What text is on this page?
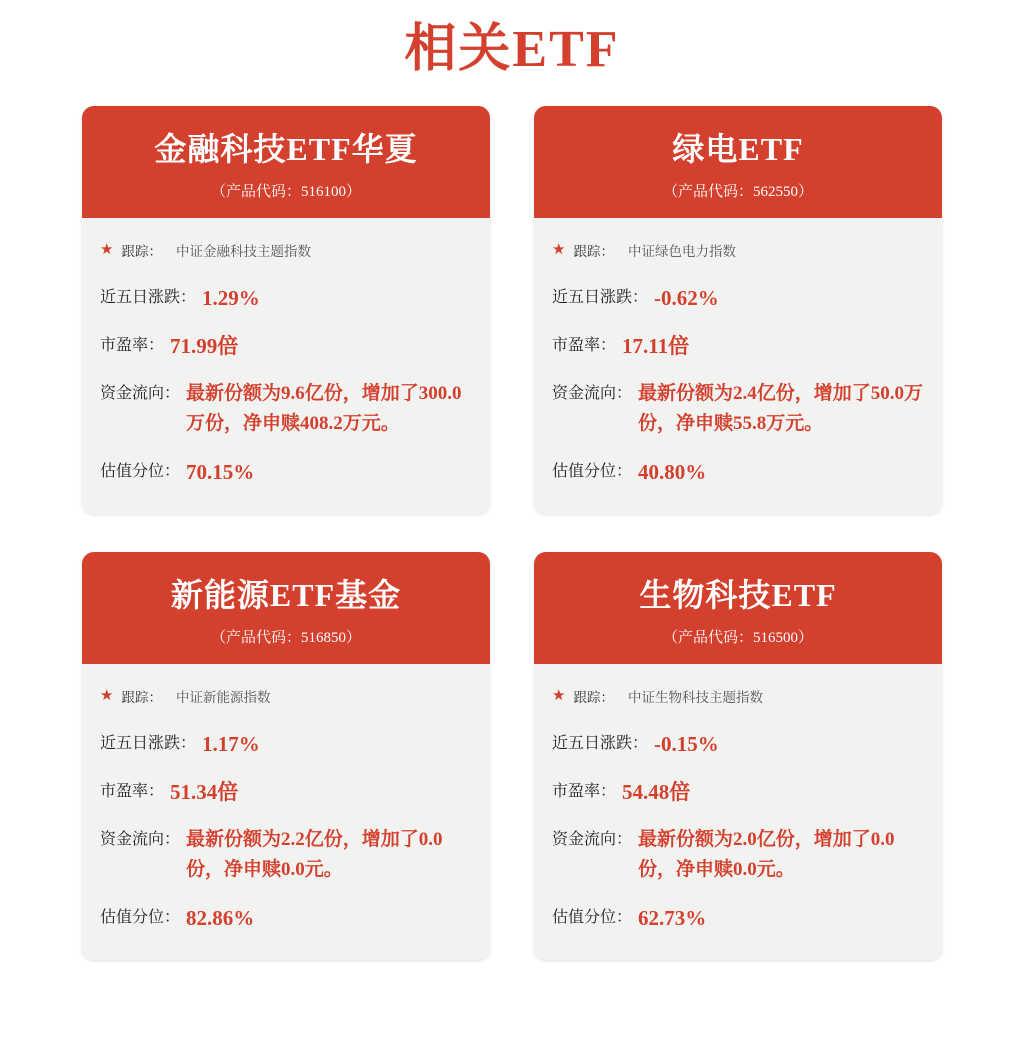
相关ETF
金融科技ETF华夏
（产品代码：516100）
★ 跟踪： 中证金融科技主题指数
近五日涨跌： 1.29%
市盈率： 71.99倍
资金流向： 最新份额为9.6亿份，增加了300.0万份，净申赎408.2万元。
估值分位： 70.15%
绿电ETF
（产品代码：562550）
★ 跟踪： 中证绿色电力指数
近五日涨跌： -0.62%
市盈率： 17.11倍
资金流向： 最新份额为2.4亿份，增加了50.0万份，净申赎55.8万元。
估值分位： 40.80%
新能源ETF基金
（产品代码：516850）
★ 跟踪： 中证新能源指数
近五日涨跌： 1.17%
市盈率： 51.34倍
资金流向： 最新份额为2.2亿份，增加了0.0份，净申赎0.0元。
估值分位： 82.86%
生物科技ETF
（产品代码：516500）
★ 跟踪： 中证生物科技主题指数
近五日涨跌： -0.15%
市盈率： 54.48倍
资金流向： 最新份额为2.0亿份，增加了0.0份，净申赎0.0元。
估值分位： 62.73%
